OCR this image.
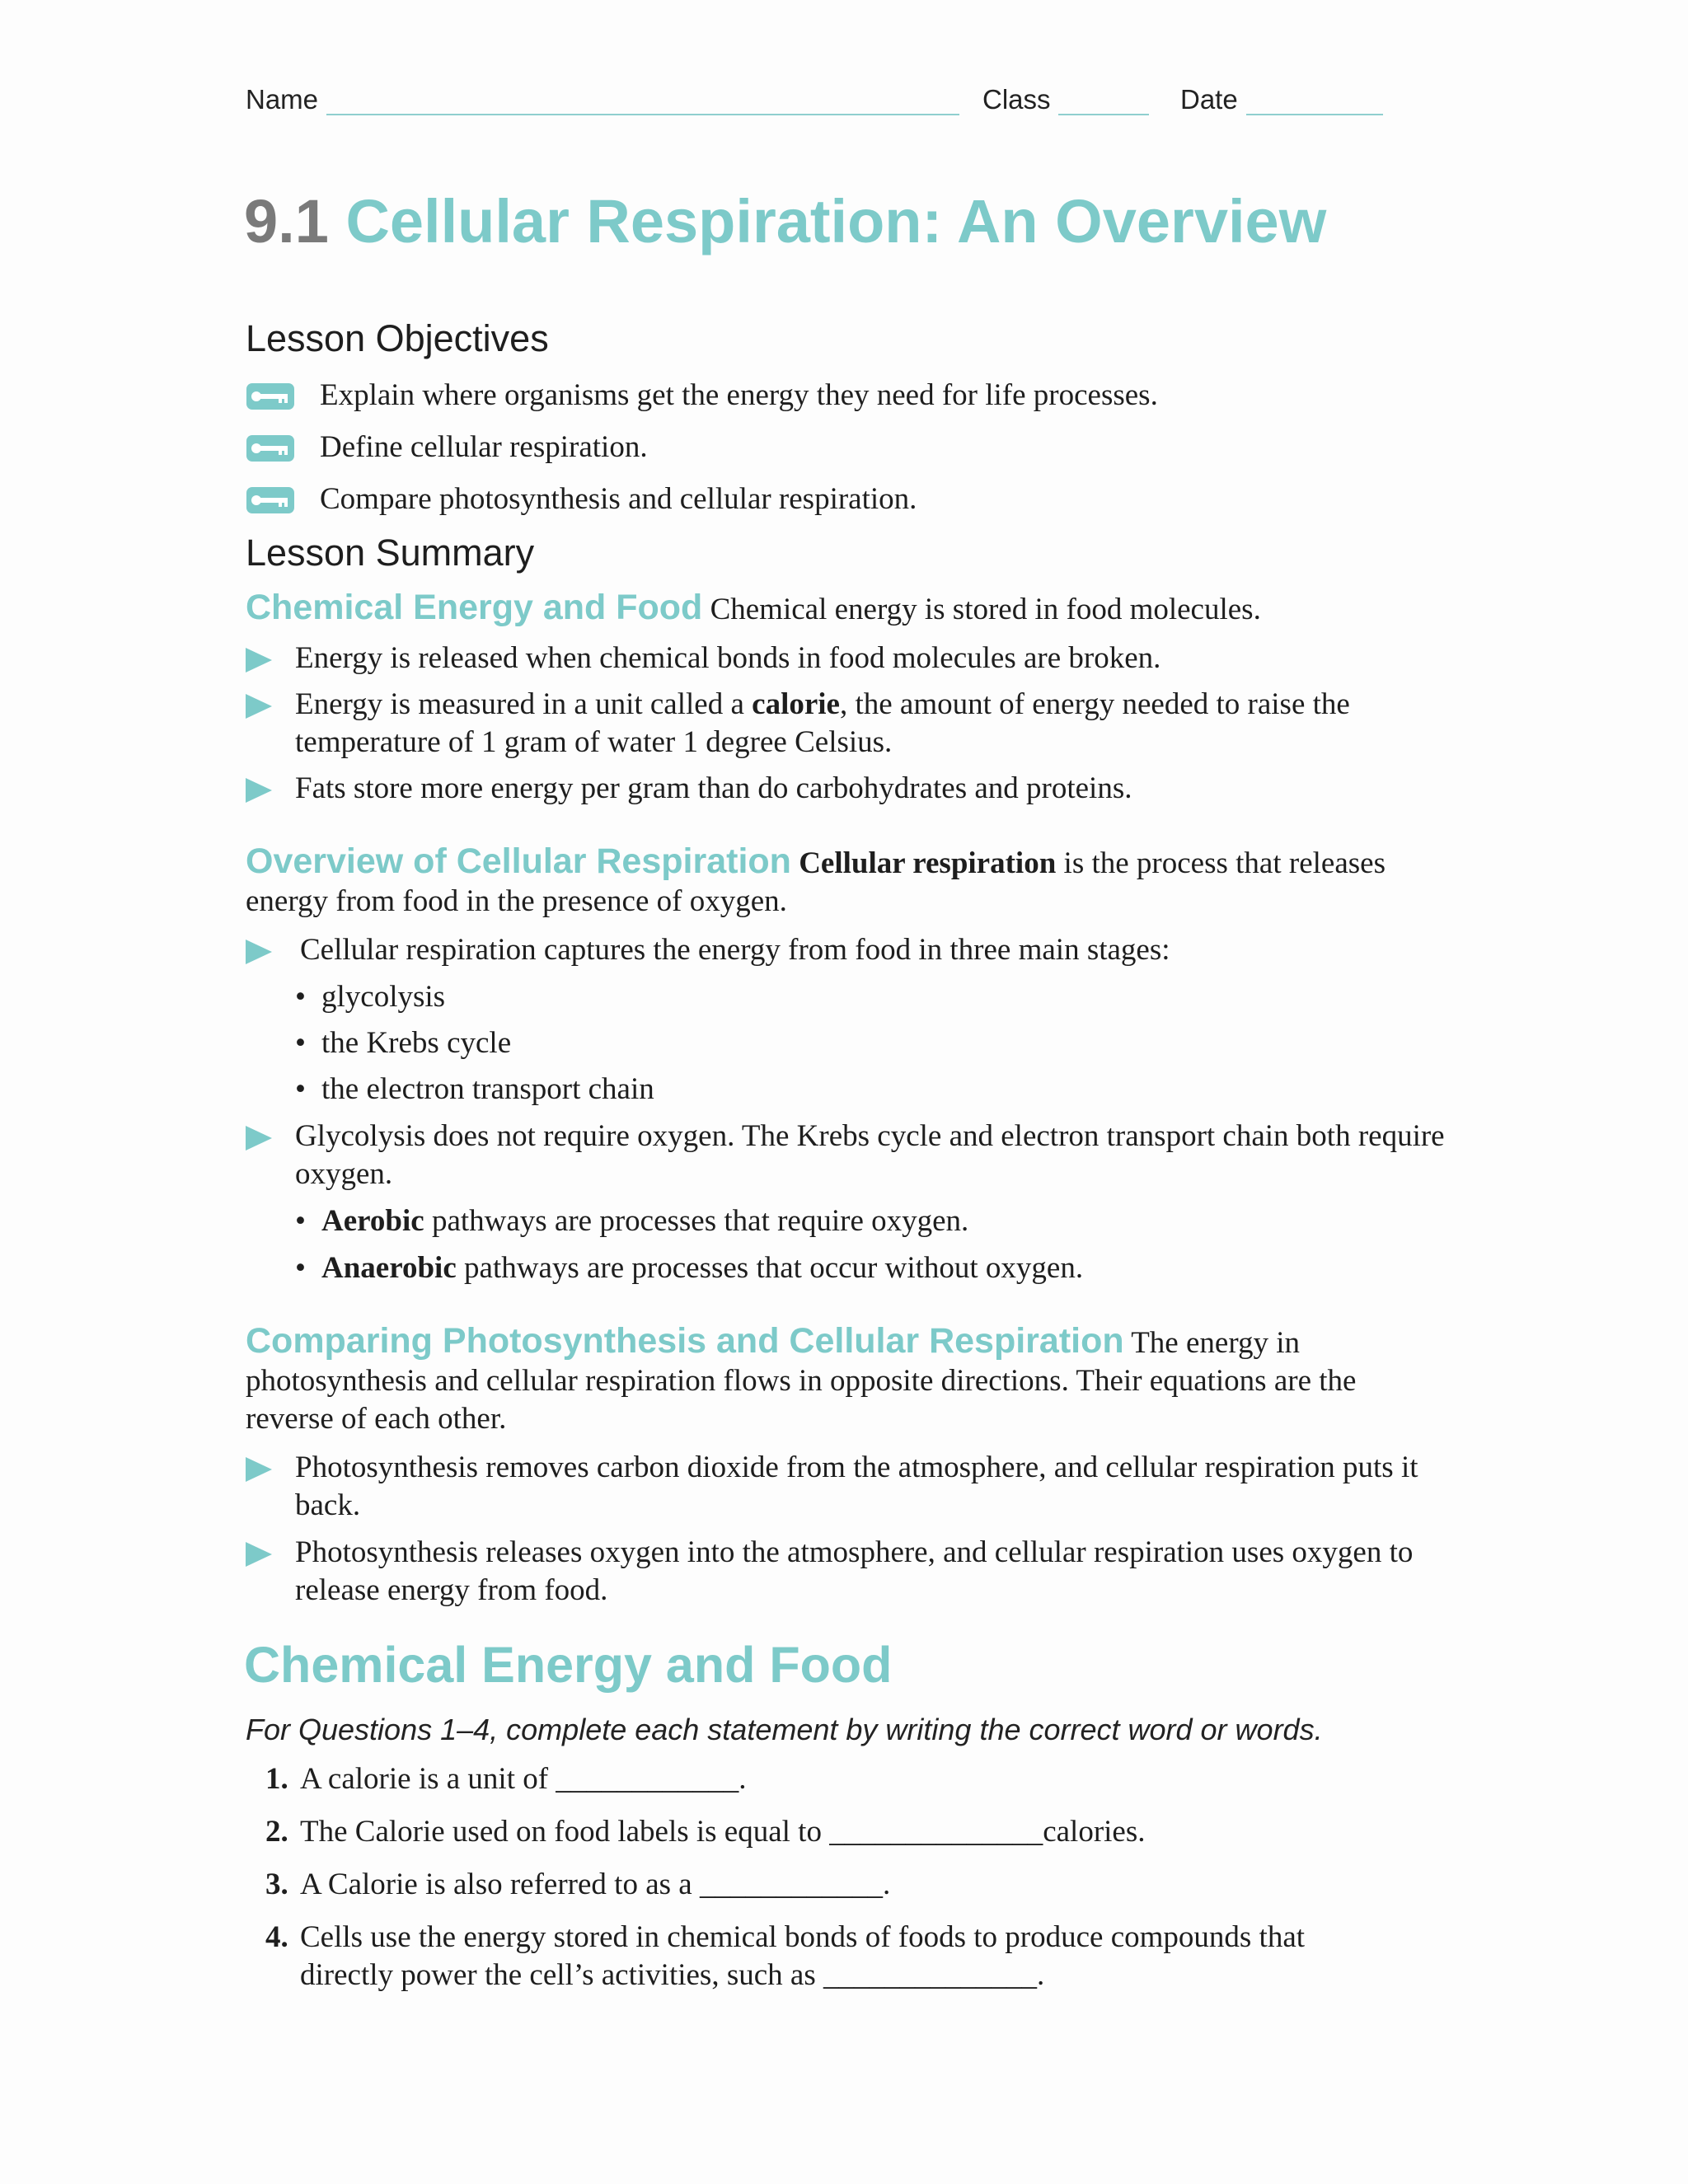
Name	Class	Date
9.1 Cellular Respiration: An Overview
Lesson Objectives
Explain where organisms get the energy they need for life processes.
Define cellular respiration.
Compare photosynthesis and cellular respiration.
Lesson Summary
Chemical Energy and Food Chemical energy is stored in food molecules.
Energy is released when chemical bonds in food molecules are broken.
Energy is measured in a unit called a calorie, the amount of energy needed to raise the temperature of 1 gram of water 1 degree Celsius.
Fats store more energy per gram than do carbohydrates and proteins.
Overview of Cellular Respiration Cellular respiration is the process that releases energy from food in the presence of oxygen.
Cellular respiration captures the energy from food in three main stages:
• glycolysis
• the Krebs cycle
• the electron transport chain
Glycolysis does not require oxygen. The Krebs cycle and electron transport chain both require oxygen.
• Aerobic pathways are processes that require oxygen.
• Anaerobic pathways are processes that occur without oxygen.
Comparing Photosynthesis and Cellular Respiration The energy in photosynthesis and cellular respiration flows in opposite directions. Their equations are the reverse of each other.
Photosynthesis removes carbon dioxide from the atmosphere, and cellular respiration puts it back.
Photosynthesis releases oxygen into the atmosphere, and cellular respiration uses oxygen to release energy from food.
Chemical Energy and Food
For Questions 1–4, complete each statement by writing the correct word or words.
1. A calorie is a unit of ____________.
2. The Calorie used on food labels is equal to ______________calories.
3. A Calorie is also referred to as a ____________.
4. Cells use the energy stored in chemical bonds of foods to produce compounds that
directly power the cell’s activities, such as ______________.
